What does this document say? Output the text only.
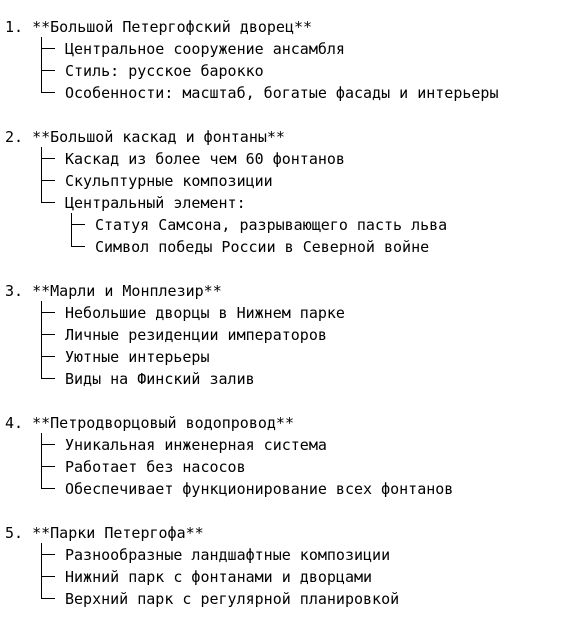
1. **Большой Петергофский дворец**
Центральное сооружение ансамбля
Стиль: русское барокко
Особенности: масштаб, богатые фасады и интерьеры
2. **Большой каскад и фонтаны**
Каскад из более чем 60 фонтанов
Скульптурные композиции
Центральный элемент:
Статуя Самсона, разрывающего пасть льва
Символ победы России в Северной войне
3. **Марли и Монплезир**
Небольшие дворцы в Нижнем парке
Личные резиденции императоров
Уютные интерьеры
Виды на Финский залив
4. **Петродворцовый водопровод**
Уникальная инженерная система
Работает без насосов
Обеспечивает функционирование всех фонтанов
5. **Парки Петергофа**
Разнообразные ландшафтные композиции
Нижний парк с фонтанами и дворцами
Верхний парк с регулярной планировкой
